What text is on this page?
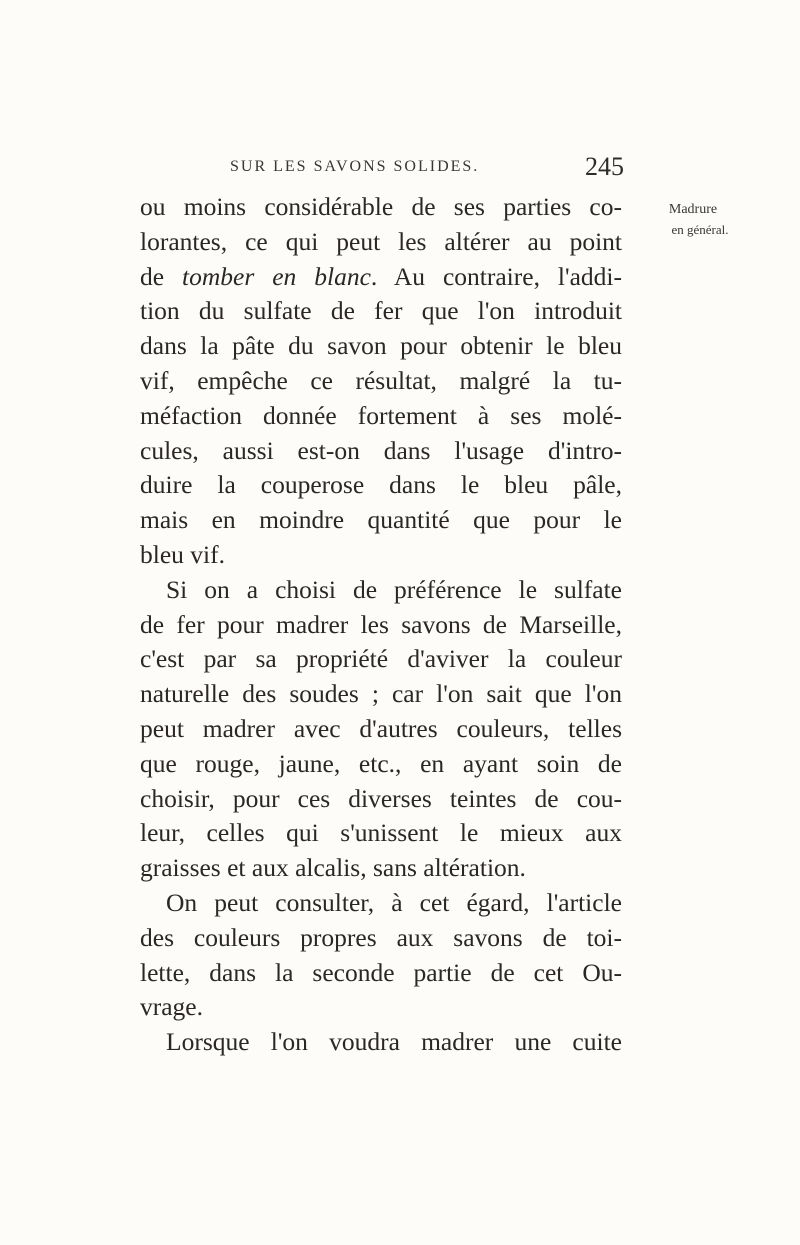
SUR LES SAVONS SOLIDES.	245
Madrure
en général.
ou moins considérable de ses parties co-
lorantes, ce qui peut les altérer au point
de tomber en blanc. Au contraire, l'addi-
tion du sulfate de fer que l'on introduit
dans la pâte du savon pour obtenir le bleu
vif, empêche ce résultat, malgré la tu-
méfaction donnée fortement à ses molé-
cules, aussi est-on dans l'usage d'intro-
duire la couperose dans le bleu pâle,
mais en moindre quantité que pour le
bleu vif.
Si on a choisi de préférence le sulfate
de fer pour madrer les savons de Marseille,
c'est par sa propriété d'aviver la couleur
naturelle des soudes ; car l'on sait que l'on
peut madrer avec d'autres couleurs, telles
que rouge, jaune, etc., en ayant soin de
choisir, pour ces diverses teintes de cou-
leur, celles qui s'unissent le mieux aux
graisses et aux alcalis, sans altération.
On peut consulter, à cet égard, l'article
des couleurs propres aux savons de toi-
lette, dans la seconde partie de cet Ou-
vrage.
Lorsque l'on voudra madrer une cuite
